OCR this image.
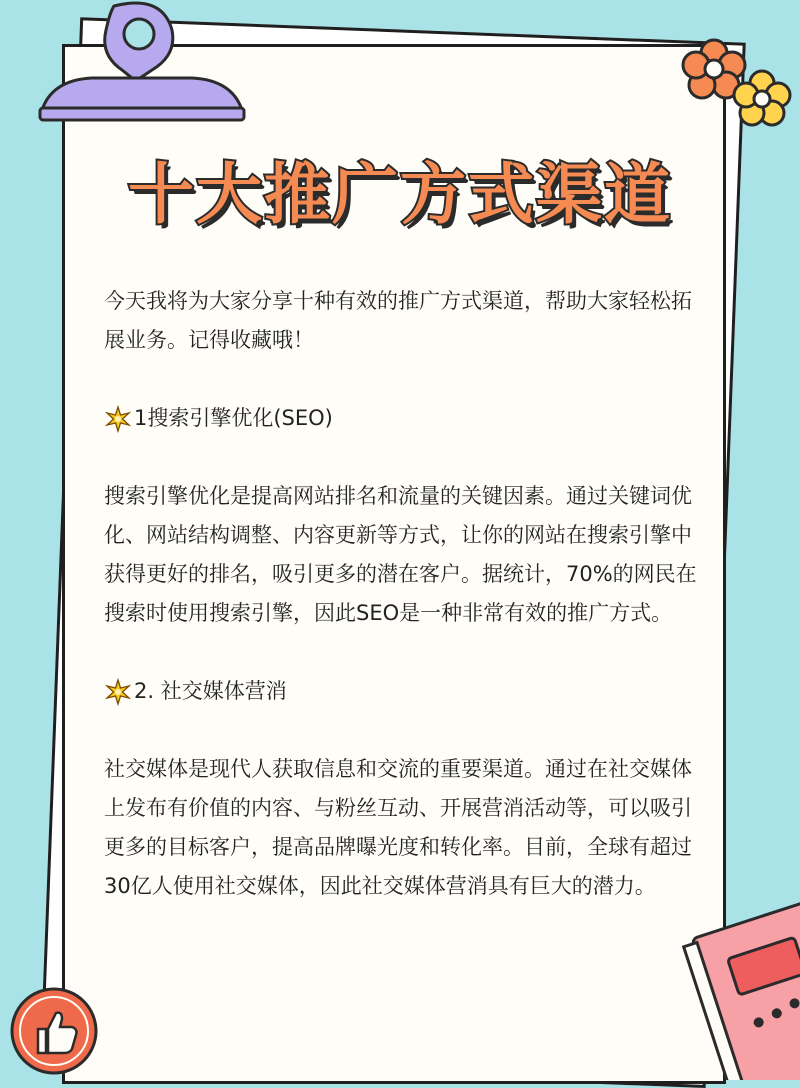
十大推广方式渠道

今天我将为大家分享十种有效的推广方式渠道，帮助大家轻松拓展业务。记得收藏哦！

1搜索引擎优化(SEO)

搜索引擎优化是提高网站排名和流量的关键因素。通过关键词优化、网站结构调整、内容更新等方式，让你的网站在搜索引擎中获得更好的排名，吸引更多的潜在客户。据统计，70%的网民在搜索时使用搜索引擎，因此SEO是一种非常有效的推广方式。

2. 社交媒体营消

社交媒体是现代人获取信息和交流的重要渠道。通过在社交媒体上发布有价值的内容、与粉丝互动、开展营消活动等，可以吸引更多的目标客户，提高品牌曝光度和转化率。目前，全球有超过30亿人使用社交媒体，因此社交媒体营消具有巨大的潜力。
